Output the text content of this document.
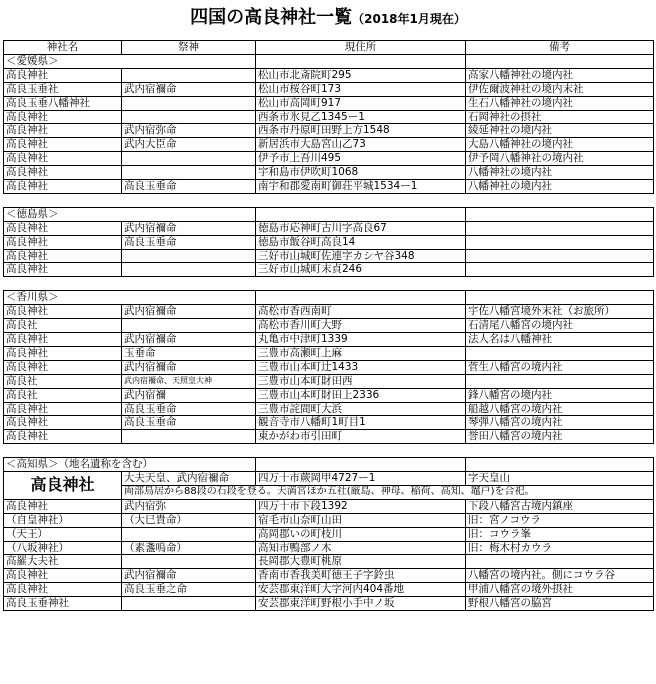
四国の高良神社一覧（2018年1月現在）
神社名	祭神	現住所	備考
＜愛媛県＞			
高良神社		松山市北斎院町295	高家八幡神社の境内社
高良玉垂社	武内宿禰命	松山市桜谷町173	伊佐爾波神社の境内末社
高良玉垂八幡神社		松山市高岡町917	生石八幡神社の境内社
高良神社		西条市氷見乙1345ー1	石岡神社の摂社
高良神社	武内宿弥命	西条市丹原町田野上方1548	綾延神社の境内社
高良神社	武内大臣命	新居浜市大島宮山乙73	大島八幡神社の境内社
高良神社		伊予市上吾川495	伊予岡八幡神社の境内社
高良神社		宇和島市伊吹町1068	八幡神社の境内社
高良神社	高良玉垂命	南宇和郡愛南町御荘平城1534ー1	八幡神社の境内社

＜徳島県＞			
高良神社	武内宿禰命	徳島市応神町古川字高良67	
高良神社	高良玉垂命	徳島市飯谷町高良14	
高良神社		三好市山城町佐連字カシヤ谷348	
高良神社		三好市山城町末貞246	

＜香川県＞			
高良神社	武内宿禰命	高松市香西南町	宇佐八幡宮境外末社（お旅所）
高良社		高松市香川町大野	石清尾八幡宮の境内社
高良神社	武内宿禰命	丸亀市中津町1339	法人名は八幡神社
高良神社	玉垂命	三豊市高瀬町上麻	
高良神社	武内宿禰命	三豊市山本町辻1433	菅生八幡宮の境内社
高良社	武内宿禰命、天照皇大神	三豊市山本町財田西	
高良社	武内宿禰	三豊市山本町財田上2336	鋒八幡宮の境内社
高良神社	高良玉垂命	三豊市詫間町大浜	船越八幡宮の境内社
高良神社	高良玉垂命	観音寺市八幡町1町目1	琴弾八幡宮の境内社
高良神社		東かがわ市引田町	誉田八幡宮の境内社

＜高知県＞（地名遺称を含む）			
高良神社	大夫天皇、武内宿禰命	四万十市蕨岡甲4727ー1	字天皇山
	両部鳥居から88段の石段を登る。天満宮ほか五社(厳島、神母、稲荷、高知、竈戸)を合祀。		
高良神社	武内宿弥	四万十市下段1392	下段八幡宮古境内鎮座
（自皇神社）	（大巳貴命）	宿毛市山奈町山田	旧：宮ノコウラ
（天王）		高岡郡いの町枝川	旧：コウラ峯
（八坂神社）	（素盞嗚命）	高知市鴨部ノ木	旧：梅木村カウラ
高羅大夫社		長岡郡大豊町桃原	
高良神社	武内宿禰命	香南市香我美町徳王子字鈴虫	八幡宮の境内社。側にコウラ谷
高良神社	高良玉垂之命	安芸郡東洋町大字河内404番地	甲浦八幡宮の境外摂社
高良玉垂神社		安芸郡東洋町野根小手中ノ坂	野根八幡宮の脇宮
